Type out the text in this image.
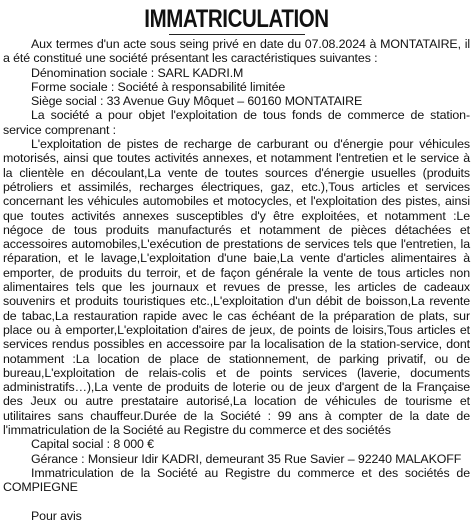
IMMATRICULATION

Aux termes d'un acte sous seing privé en date du 07.08.2024 à MONTATAIRE, il a été constitué une société présentant les caractéristiques suivantes :

Dénomination sociale : SARL KADRI.M

Forme sociale : Société à responsabilité limitée

Siège social : 33 Avenue Guy Môquet – 60160 MONTATAIRE

La société a pour objet l'exploitation de tous fonds de commerce de station-service comprenant :

L'exploitation de pistes de recharge de carburant ou d'énergie pour véhicules motorisés, ainsi que toutes activités annexes, et notamment l'entretien et le service à la clientèle en découlant,La vente de toutes sources d'énergie usuelles (produits pétroliers et assimilés, recharges électriques, gaz, etc.),Tous articles et services concernant les véhicules automobiles et motocycles, et l'exploitation des pistes, ainsi que toutes activités annexes susceptibles d'y être exploitées, et notamment :Le négoce de tous produits manufacturés et notamment de pièces détachées et accessoires automobiles,L'exécution de prestations de services tels que l'entretien, la réparation, et le lavage,L'exploitation d'une baie,La vente d'articles alimentaires à emporter, de produits du terroir, et de façon générale la vente de tous articles non alimentaires tels que les journaux et revues de presse, les articles de cadeaux souvenirs et produits touristiques etc.,L'exploitation d'un débit de boisson,La revente de tabac,La restauration rapide avec le cas échéant de la préparation de plats, sur place ou à emporter,L'exploitation d'aires de jeux, de points de loisirs,Tous articles et services rendus possibles en accessoire par la localisation de la station-service, dont notamment :La location de place de stationnement, de parking privatif, ou de bureau,L'exploitation de relais-colis et de points services (laverie, documents administratifs…),La vente de produits de loterie ou de jeux d'argent de la Française des Jeux ou autre prestataire autorisé,La location de véhicules de tourisme et utilitaires sans chauffeur.Durée de la Société : 99 ans à compter de la date de l'immatriculation de la Société au Registre du commerce et des sociétés

Capital social : 8 000 €

Gérance : Monsieur Idir KADRI, demeurant 35 Rue Savier – 92240 MALAKOFF

Immatriculation de la Société au Registre du commerce et des sociétés de COMPIEGNE

Pour avis
